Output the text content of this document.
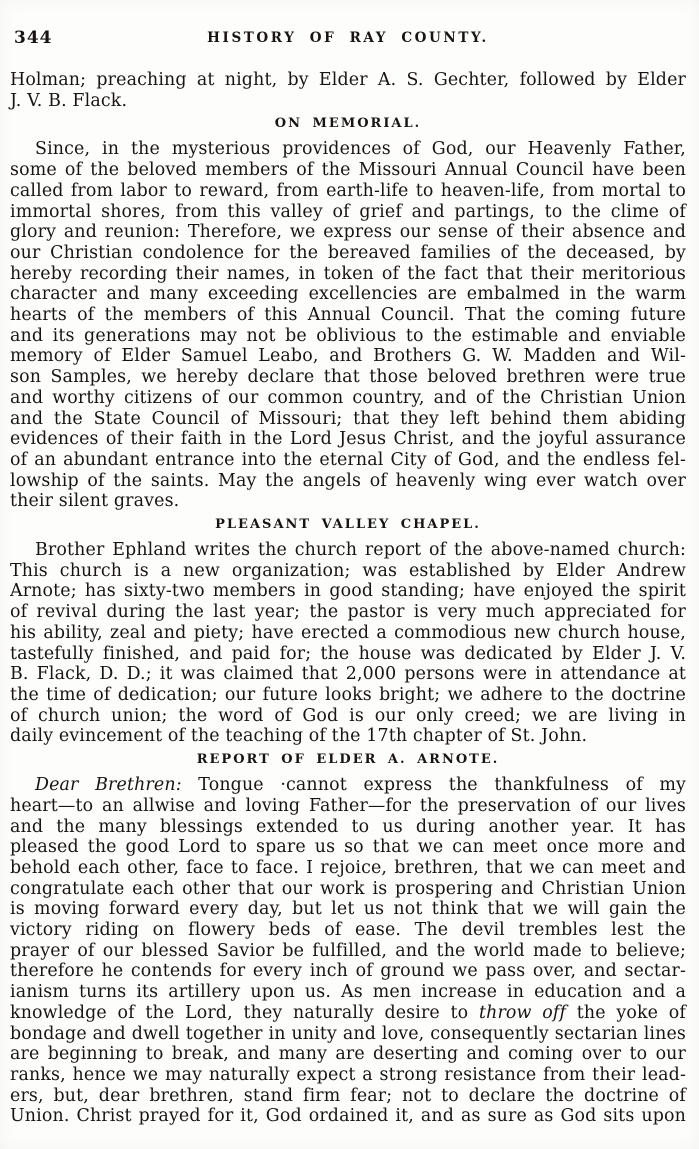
344	HISTORY OF RAY COUNTY.
Holman; preaching at night, by Elder A. S. Gechter, followed by Elder
J. V. B. Flack.
ON MEMORIAL.
Since, in the mysterious providences of God, our Heavenly Father,
some of the beloved members of the Missouri Annual Council have been
called from labor to reward, from earth-life to heaven-life, from mortal to
immortal shores, from this valley of grief and partings, to the clime of
glory and reunion: Therefore, we express our sense of their absence and
our Christian condolence for the bereaved families of the deceased, by
hereby recording their names, in token of the fact that their meritorious
character and many exceeding excellencies are embalmed in the warm
hearts of the members of this Annual Council. That the coming future
and its generations may not be oblivious to the estimable and enviable
memory of Elder Samuel Leabo, and Brothers G. W. Madden and Wil-
son Samples, we hereby declare that those beloved brethren were true
and worthy citizens of our common country, and of the Christian Union
and the State Council of Missouri; that they left behind them abiding
evidences of their faith in the Lord Jesus Christ, and the joyful assurance
of an abundant entrance into the eternal City of God, and the endless fel-
lowship of the saints. May the angels of heavenly wing ever watch over
their silent graves.
PLEASANT VALLEY CHAPEL.
Brother Ephland writes the church report of the above-named church:
This church is a new organization; was established by Elder Andrew
Arnote; has sixty-two members in good standing; have enjoyed the spirit
of revival during the last year; the pastor is very much appreciated for
his ability, zeal and piety; have erected a commodious new church house,
tastefully finished, and paid for; the house was dedicated by Elder J. V.
B. Flack, D. D.; it was claimed that 2,000 persons were in attendance at
the time of dedication; our future looks bright; we adhere to the doctrine
of church union; the word of God is our only creed; we are living in
daily evincement of the teaching of the 17th chapter of St. John.
REPORT OF ELDER A. ARNOTE.
Dear Brethren: Tongue ·cannot express the thankfulness of my
heart—to an allwise and loving Father—for the preservation of our lives
and the many blessings extended to us during another year. It has
pleased the good Lord to spare us so that we can meet once more and
behold each other, face to face. I rejoice, brethren, that we can meet and
congratulate each other that our work is prospering and Christian Union
is moving forward every day, but let us not think that we will gain the
victory riding on flowery beds of ease. The devil trembles lest the
prayer of our blessed Savior be fulfilled, and the world made to believe;
therefore he contends for every inch of ground we pass over, and sectar-
ianism turns its artillery upon us. As men increase in education and a
knowledge of the Lord, they naturally desire to throw off the yoke of
bondage and dwell together in unity and love, consequently sectarian lines
are beginning to break, and many are deserting and coming over to our
ranks, hence we may naturally expect a strong resistance from their lead-
ers, but, dear brethren, stand firm fear; not to declare the doctrine of
Union. Christ prayed for it, God ordained it, and as sure as God sits upon
